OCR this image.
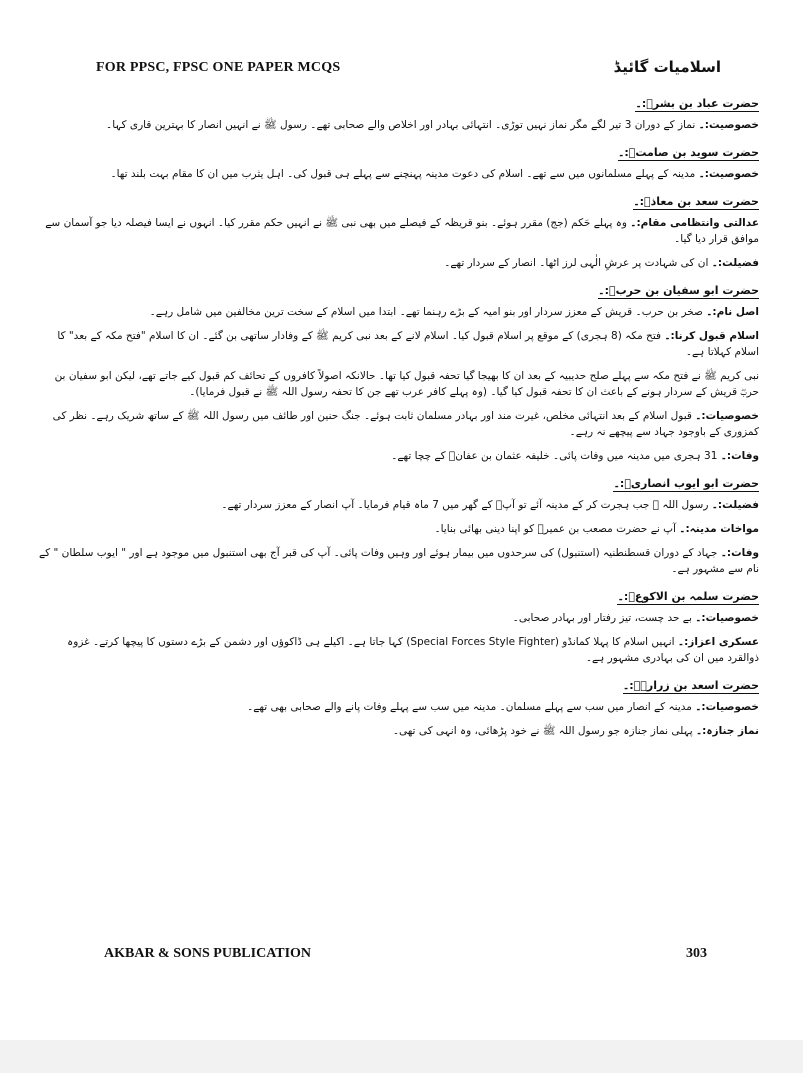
FOR PPSC, FPSC ONE PAPER MCQS	اسلامیات گائیڈ
حضرت عباد بن بشرؓ:۔
خصوصیت:۔ نماز کے دوران 3 تیر لگے مگر نماز نہیں توڑی۔ انتہائی بہادر اور اخلاص والے صحابی تھے۔ رسول ﷺ نے انہیں انصار کا بہترین قاری کہا۔
حضرت سوید بن صامتؓ:۔
خصوصیت:۔ مدینہ کے پہلے مسلمانوں میں سے تھے۔ اسلام کی دعوت مدینہ پہنچنے سے پہلے ہی قبول کی۔ اہل یثرب میں ان کا مقام بہت بلند تھا۔
حضرت سعد بن معاذؓ:۔
عدالتی وانتظامی مقام:۔ وہ پہلے حَکم (جج) مقرر ہوئے۔ بنو قریظہ کے فیصلے میں بھی نبی ﷺ نے انہیں حکم مقرر کیا۔ انہوں نے ایسا فیصلہ دیا جو آسمان سے موافق قرار دیا گیا۔
فضیلت:۔ ان کی شہادت پر عرشِ الٰہی لرز اٹھا۔ انصار کے سردار تھے۔
حضرت ابو سفیان بن حربؓ:۔
اصل نام:۔ صخر بن حرب۔ قریش کے معزز سردار اور بنو امیہ کے بڑے رہنما تھے۔ ابتدا میں اسلام کے سخت ترین مخالفین میں شامل رہے۔
اسلام قبول کرنا:۔ فتح مکہ (8 ہجری) کے موقع پر اسلام قبول کیا۔ اسلام لانے کے بعد نبی کریم ﷺ کے وفادار ساتھی بن گئے۔ ان کا اسلام "فتح مکہ کے بعد" کا اسلام کہلاتا ہے۔
نبی کریم ﷺ نے فتح مکہ سے پہلے صلح حدیبیہ کے بعد ان کا بھیجا گیا تحفہ قبول کیا تھا۔ حالانکہ اصولاً کافروں کے تحائف کم قبول کیے جاتے تھے، لیکن ابو سفیان بن حربؓ قریش کے سردار ہونے کے باعث ان کا تحفہ قبول کیا گیا۔ (وہ پہلے کافر عرب تھے جن کا تحفہ رسول اللہ ﷺ نے قبول فرمایا)۔
خصوصیات:۔ قبول اسلام کے بعد انتہائی مخلص، غیرت مند اور بہادر مسلمان ثابت ہوئے۔ جنگ حنین اور طائف میں رسول اللہ ﷺ کے ساتھ شریک رہے۔ نظر کی کمزوری کے باوجود جہاد سے پیچھے نہ رہے۔
وفات:۔ 31 ہجری میں مدینہ میں وفات پائی۔ خلیفہ عثمان بن عفانؓ کے چچا تھے۔
حضرت ابو ایوب انصاریؓ:۔
فضیلت:۔ رسول اللہ ﷺ جب ہجرت کر کے مدینہ آئے تو آپؐ کے گھر میں 7 ماہ قیام فرمایا۔ آپ انصار کے معزز سردار تھے۔
مواخات مدینہ:۔ آپ نے حضرت مصعب بن عمیرؓ کو اپنا دینی بھائی بنایا۔
وفات:۔ جہاد کے دوران قسطنطنیہ (استنبول) کی سرحدوں میں بیمار ہوئے اور وہیں وفات پائی۔ آپ کی قبر آج بھی استنبول میں موجود ہے اور " ایوب سلطان " کے نام سے مشہور ہے۔
حضرت سلمہ بن الاکوعؓ:۔
خصوصیات:۔ بے حد چست، تیز رفتار اور بہادر صحابی۔
عسکری اعزاز:۔ انہیں اسلام کا پہلا کمانڈو (Special Forces Style Fighter) کہا جاتا ہے۔ اکیلے ہی ڈاکوؤں اور دشمن کے بڑے دستوں کا پیچھا کرتے۔ غزوہ ذوالقرد میں ان کی بہادری مشہور ہے۔
حضرت اسعد بن زرارہؓ:۔
خصوصیات:۔ مدینہ کے انصار میں سب سے پہلے مسلمان۔ مدینہ میں سب سے پہلے وفات پانے والے صحابی بھی تھے۔
نماز جنازہ:۔ پہلی نماز جنازہ جو رسول اللہ ﷺ نے خود پڑھائی، وہ انہی کی تھی۔
AKBAR & SONS PUBLICATION	303
